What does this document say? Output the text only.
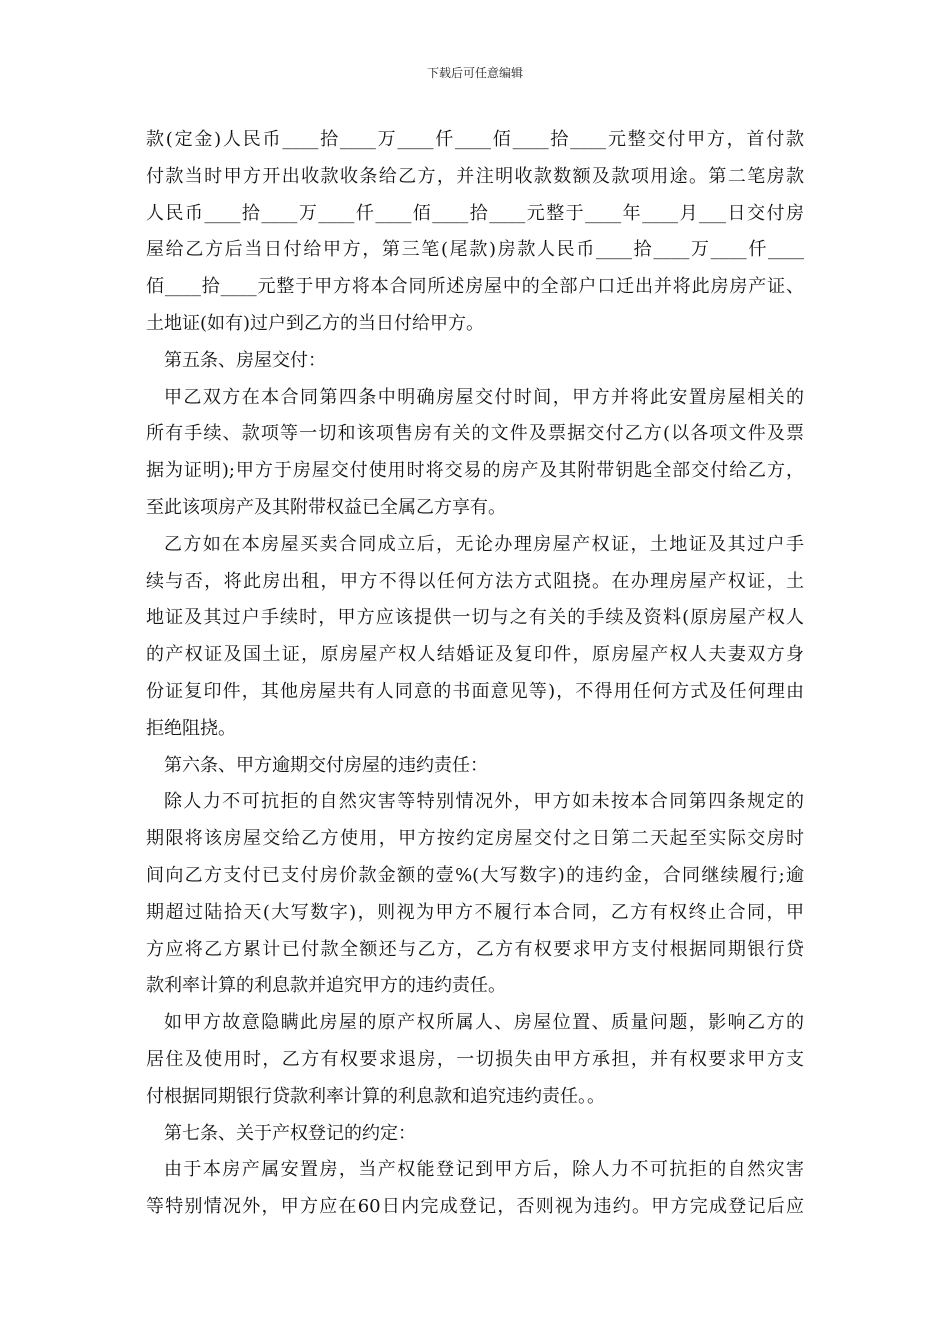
下载后可任意编辑
款(定金)人民币____拾____万____仟____佰____拾____元整交付甲方，首付款
付款当时甲方开出收款收条给乙方，并注明收款数额及款项用途。第二笔房款
人民币____拾____万____仟____佰____拾____元整于____年____月___日交付房
屋给乙方后当日付给甲方，第三笔(尾款)房款人民币____拾____万____仟____
佰____拾____元整于甲方将本合同所述房屋中的全部户口迁出并将此房房产证、
土地证(如有)过户到乙方的当日付给甲方。
第五条、房屋交付：
甲乙双方在本合同第四条中明确房屋交付时间，甲方并将此安置房屋相关的
所有手续、款项等一切和该项售房有关的文件及票据交付乙方(以各项文件及票
据为证明);甲方于房屋交付使用时将交易的房产及其附带钥匙全部交付给乙方，
至此该项房产及其附带权益已全属乙方享有。
乙方如在本房屋买卖合同成立后，无论办理房屋产权证，土地证及其过户手
续与否，将此房出租，甲方不得以任何方法方式阻挠。在办理房屋产权证，土
地证及其过户手续时，甲方应该提供一切与之有关的手续及资料(原房屋产权人
的产权证及国土证，原房屋产权人结婚证及复印件，原房屋产权人夫妻双方身
份证复印件，其他房屋共有人同意的书面意见等)，不得用任何方式及任何理由
拒绝阻挠。
第六条、甲方逾期交付房屋的违约责任：
除人力不可抗拒的自然灾害等特别情况外，甲方如未按本合同第四条规定的
期限将该房屋交给乙方使用，甲方按约定房屋交付之日第二天起至实际交房时
间向乙方支付已支付房价款金额的壹%(大写数字)的违约金，合同继续履行;逾
期超过陆拾天(大写数字)，则视为甲方不履行本合同，乙方有权终止合同，甲
方应将乙方累计已付款全额还与乙方，乙方有权要求甲方支付根据同期银行贷
款利率计算的利息款并追究甲方的违约责任。
如甲方故意隐瞒此房屋的原产权所属人、房屋位置、质量问题，影响乙方的
居住及使用时，乙方有权要求退房，一切损失由甲方承担，并有权要求甲方支
付根据同期银行贷款利率计算的利息款和追究违约责任。。
第七条、关于产权登记的约定：
由于本房产属安置房，当产权能登记到甲方后，除人力不可抗拒的自然灾害
等特别情况外，甲方应在60日内完成登记，否则视为违约。甲方完成登记后应
